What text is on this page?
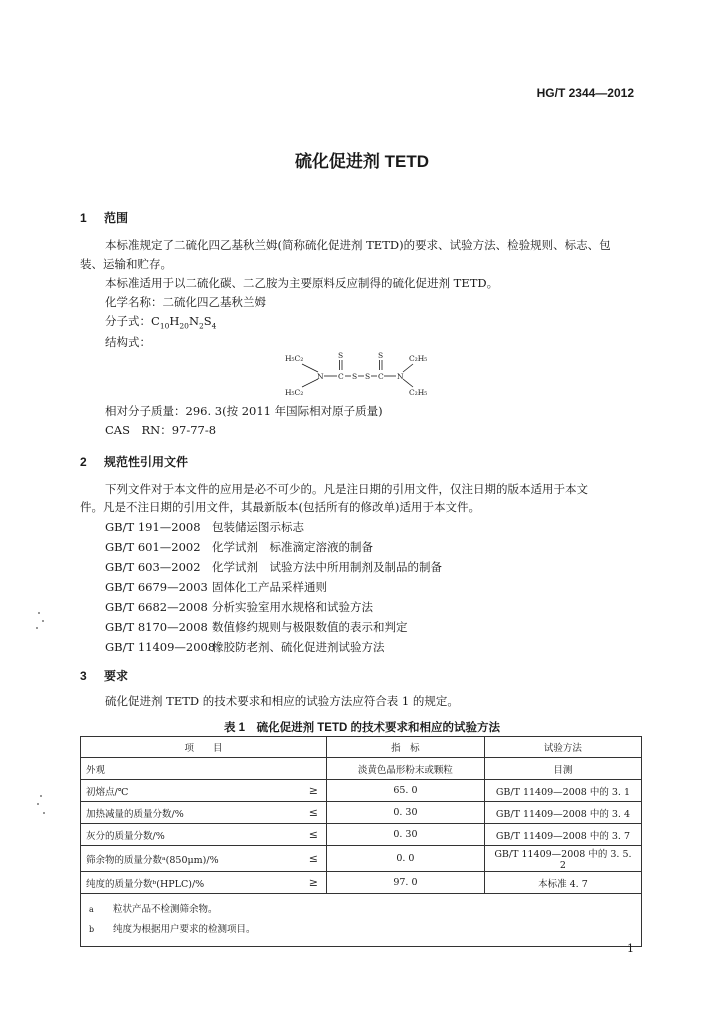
HG/T 2344—2012
硫化促进剂 TETD
1 范围
本标准规定了二硫化四乙基秋兰姆(简称硫化促进剂 TETD)的要求、试验方法、检验规则、标志、包
装、运输和贮存。
本标准适用于以二硫化碳、二乙胺为主要原料反应制得的硫化促进剂 TETD。
化学名称：二硫化四乙基秋兰姆
分子式：$C_{10}H_{20}N_2S_4$
结构式：
H₅C₂
H₅C₂
C₂H₅
C₂H₅
S	S
N C S S C N
相对分子质量：296. 3(按 2011 年国际相对原子质量)
CAS　RN：97-77-8
2 规范性引用文件
下列文件对于本文件的应用是必不可少的。凡是注日期的引用文件，仅注日期的版本适用于本文
件。凡是不注日期的引用文件，其最新版本(包括所有的修改单)适用于本文件。
GB/T 191—2008 包装储运图示标志
GB/T 601—2002 化学试剂　标准滴定溶液的制备
GB/T 603—2002 化学试剂　试验方法中所用制剂及制品的制备
GB/T 6679—2003 固体化工产品采样通则
GB/T 6682—2008 分析实验室用水规格和试验方法
GB/T 8170—2008 数值修约规则与极限数值的表示和判定
GB/T 11409—2008橡胶防老剂、硫化促进剂试验方法
3 要求
硫化促进剂 TETD 的技术要求和相应的试验方法应符合表 1 的规定。
表 1　硫化促进剂 TETD 的技术要求和相应的试验方法
项　　目		指　标	试验方法
外观		淡黄色晶形粉末或颗粒	目测
初熔点/℃	≥	65. 0	GB/T 11409—2008 中的 3. 1
加热减量的质量分数/%	≤	0. 30	GB/T 11409—2008 中的 3. 4
灰分的质量分数/%	≤	0. 30	GB/T 11409—2008 中的 3. 7
筛余物的质量分数ᵃ(850μm)/%	≤	0. 0	GB/T 11409—2008 中的 3. 5. 2
纯度的质量分数ᵇ(HPLC)/%	≥	97. 0	本标准 4. 7

a 粒状产品不检测筛余物。
b 纯度为根据用户要求的检测项目。			
1
